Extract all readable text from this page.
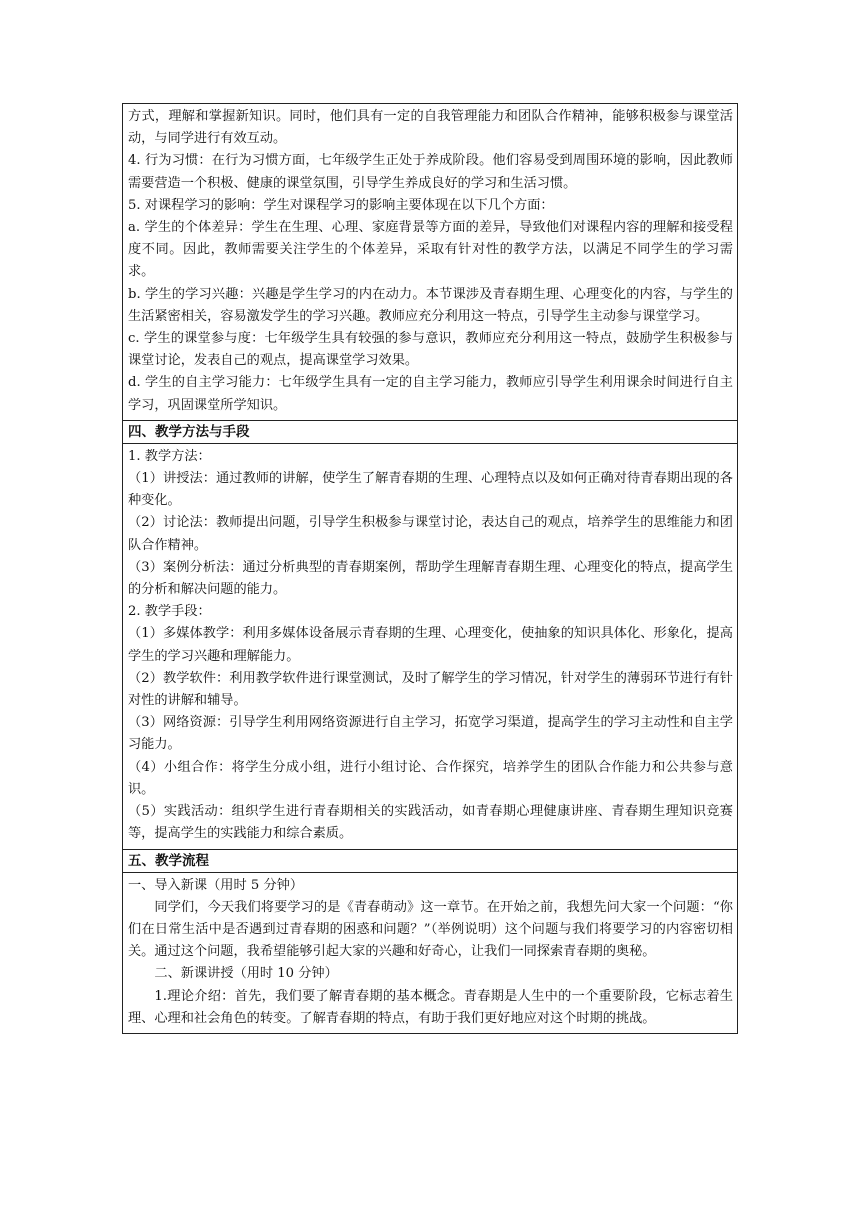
方式，理解和掌握新知识。同时，他们具有一定的自我管理能力和团队合作精神，能够积极参与课堂活动，与同学进行有效互动。

4. 行为习惯：在行为习惯方面，七年级学生正处于养成阶段。他们容易受到周围环境的影响，因此教师需要营造一个积极、健康的课堂氛围，引导学生养成良好的学习和生活习惯。

5. 对课程学习的影响：学生对课程学习的影响主要体现在以下几个方面：

a. 学生的个体差异：学生在生理、心理、家庭背景等方面的差异，导致他们对课程内容的理解和接受程度不同。因此，教师需要关注学生的个体差异，采取有针对性的教学方法，以满足不同学生的学习需求。

b. 学生的学习兴趣：兴趣是学生学习的内在动力。本节课涉及青春期生理、心理变化的内容，与学生的生活紧密相关，容易激发学生的学习兴趣。教师应充分利用这一特点，引导学生主动参与课堂学习。

c. 学生的课堂参与度：七年级学生具有较强的参与意识，教师应充分利用这一特点，鼓励学生积极参与课堂讨论，发表自己的观点，提高课堂学习效果。

d. 学生的自主学习能力：七年级学生具有一定的自主学习能力，教师应引导学生利用课余时间进行自主学习，巩固课堂所学知识。

四、教学方法与手段

1. 教学方法：

（1）讲授法：通过教师的讲解，使学生了解青春期的生理、心理特点以及如何正确对待青春期出现的各种变化。

（2）讨论法：教师提出问题，引导学生积极参与课堂讨论，表达自己的观点，培养学生的思维能力和团队合作精神。

（3）案例分析法：通过分析典型的青春期案例，帮助学生理解青春期生理、心理变化的特点，提高学生的分析和解决问题的能力。

2. 教学手段：

（1）多媒体教学：利用多媒体设备展示青春期的生理、心理变化，使抽象的知识具体化、形象化，提高学生的学习兴趣和理解能力。

（2）教学软件：利用教学软件进行课堂测试，及时了解学生的学习情况，针对学生的薄弱环节进行有针对性的讲解和辅导。

（3）网络资源：引导学生利用网络资源进行自主学习，拓宽学习渠道，提高学生的学习主动性和自主学习能力。

（4）小组合作：将学生分成小组，进行小组讨论、合作探究，培养学生的团队合作能力和公共参与意识。

（5）实践活动：组织学生进行青春期相关的实践活动，如青春期心理健康讲座、青春期生理知识竞赛等，提高学生的实践能力和综合素质。

五、教学流程

一、导入新课（用时 5 分钟）

同学们，今天我们将要学习的是《青春萌动》这一章节。在开始之前，我想先问大家一个问题：“你们在日常生活中是否遇到过青春期的困惑和问题？”（举例说明）这个问题与我们将要学习的内容密切相关。通过这个问题，我希望能够引起大家的兴趣和好奇心，让我们一同探索青春期的奥秘。

二、新课讲授（用时 10 分钟）

1.理论介绍：首先，我们要了解青春期的基本概念。青春期是人生中的一个重要阶段，它标志着生理、心理和社会角色的转变。了解青春期的特点，有助于我们更好地应对这个时期的挑战。
